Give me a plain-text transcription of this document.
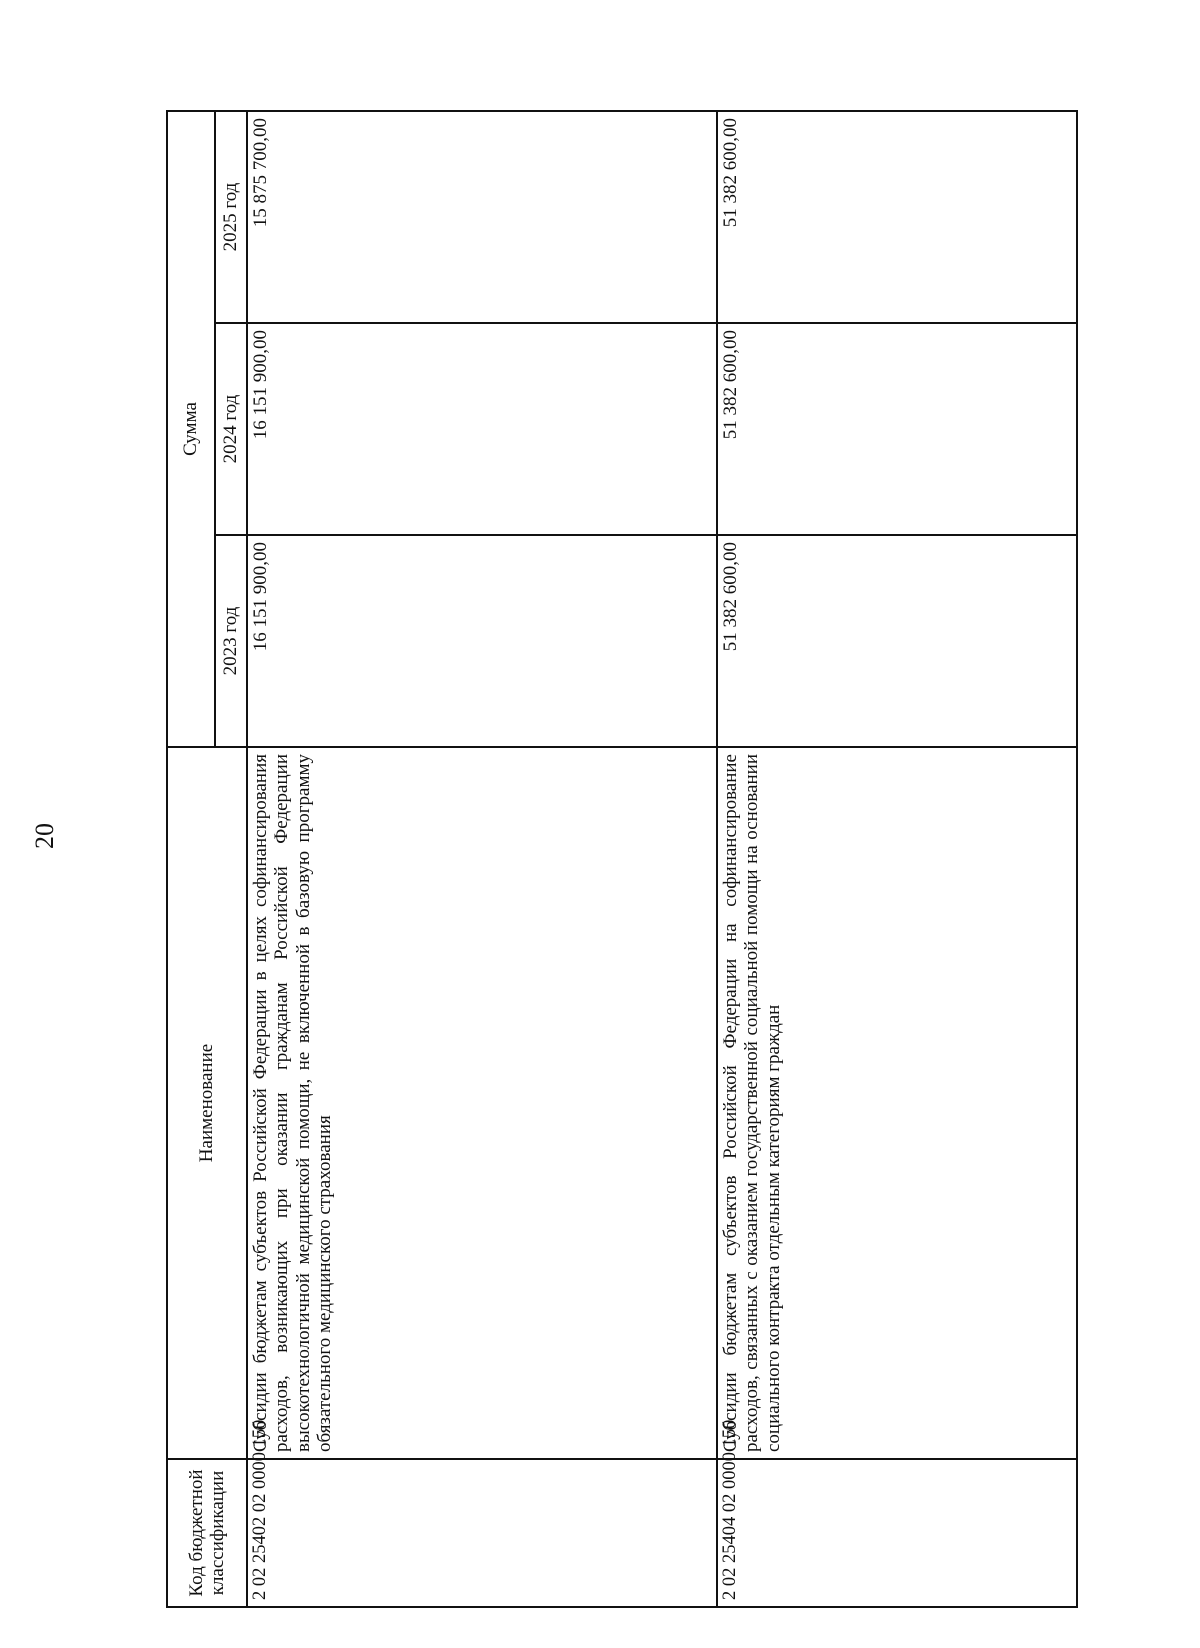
20
Код бюджетной классификации	Наименование	Сумма		
		2023 год	2024 год	2025 год
2 02 25402 02 0000 150	Субсидии бюджетам субъектов Российской Федерации в целях софинансирования расходов, возникающих при оказании гражданам Российской Федерации высокотехнологичной медицинской помощи, не включенной в базовую программу обязательного медицинского страхования	16 151 900,00	16 151 900,00	15 875 700,00
2 02 25404 02 0000 150	Субсидии бюджетам субъектов Российской Федерации на софинансирование расходов, связанных с оказанием государственной социальной помощи на основании социального контракта отдельным категориям граждан	51 382 600,00	51 382 600,00	51 382 600,00
